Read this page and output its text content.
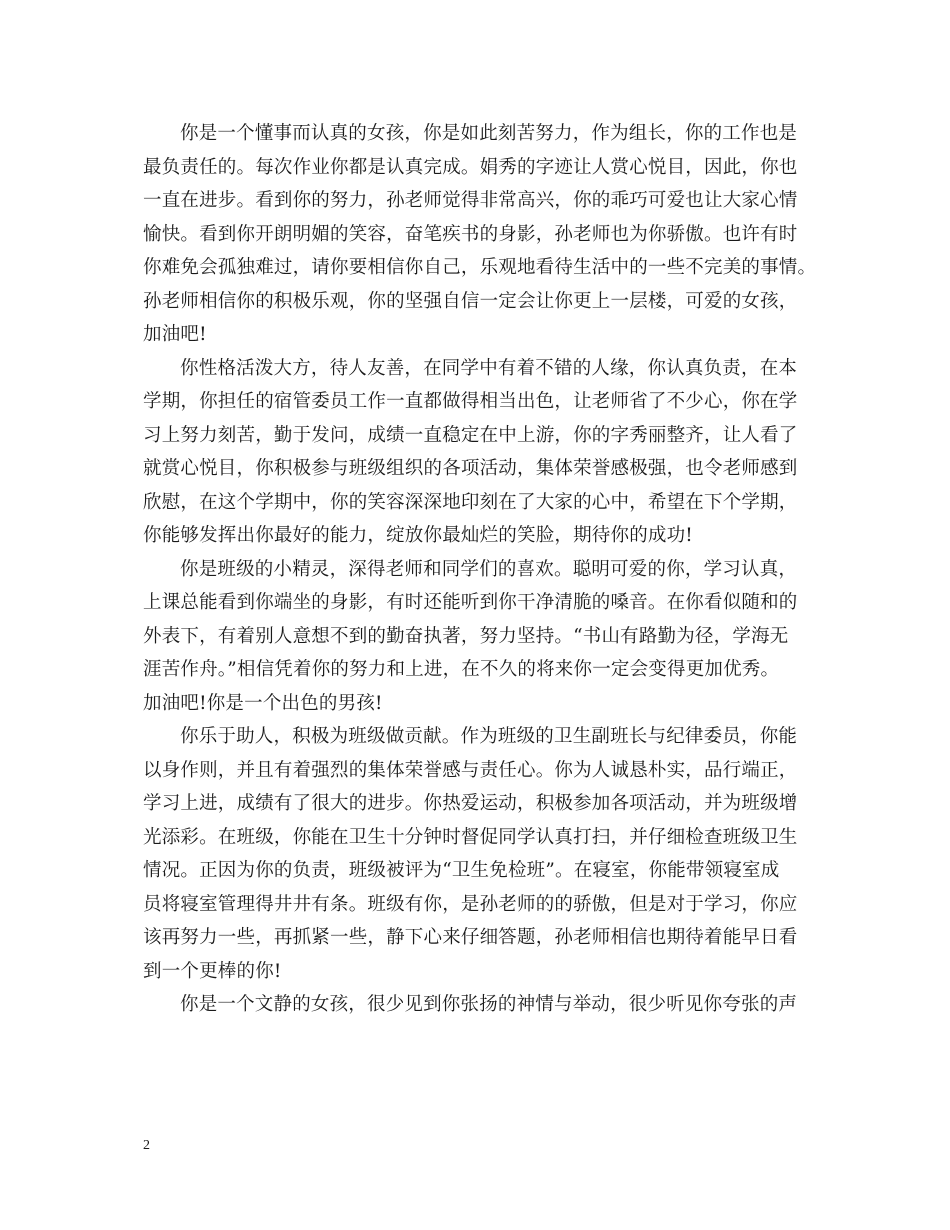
你是一个懂事而认真的女孩，你是如此刻苦努力，作为组长，你的工作也是
最负责任的。每次作业你都是认真完成。娟秀的字迹让人赏心悦目，因此，你也
一直在进步。看到你的努力，孙老师觉得非常高兴，你的乖巧可爱也让大家心情
愉快。看到你开朗明媚的笑容，奋笔疾书的身影，孙老师也为你骄傲。也许有时
你难免会孤独难过，请你要相信你自己，乐观地看待生活中的一些不完美的事情。
孙老师相信你的积极乐观，你的坚强自信一定会让你更上一层楼，可爱的女孩，
加油吧!
你性格活泼大方，待人友善，在同学中有着不错的人缘，你认真负责，在本
学期，你担任的宿管委员工作一直都做得相当出色，让老师省了不少心，你在学
习上努力刻苦，勤于发问，成绩一直稳定在中上游，你的字秀丽整齐，让人看了
就赏心悦目，你积极参与班级组织的各项活动，集体荣誉感极强，也令老师感到
欣慰，在这个学期中，你的笑容深深地印刻在了大家的心中，希望在下个学期，
你能够发挥出你最好的能力，绽放你最灿烂的笑脸，期待你的成功!
你是班级的小精灵，深得老师和同学们的喜欢。聪明可爱的你，学习认真，
上课总能看到你端坐的身影，有时还能听到你干净清脆的嗓音。在你看似随和的
外表下，有着别人意想不到的勤奋执著，努力坚持。“书山有路勤为径，学海无
涯苦作舟。”相信凭着你的努力和上进，在不久的将来你一定会变得更加优秀。
加油吧!你是一个出色的男孩!
你乐于助人，积极为班级做贡献。作为班级的卫生副班长与纪律委员，你能
以身作则，并且有着强烈的集体荣誉感与责任心。你为人诚恳朴实，品行端正，
学习上进，成绩有了很大的进步。你热爱运动，积极参加各项活动，并为班级增
光添彩。在班级，你能在卫生十分钟时督促同学认真打扫，并仔细检查班级卫生
情况。正因为你的负责，班级被评为“卫生免检班”。在寝室，你能带领寝室成
员将寝室管理得井井有条。班级有你，是孙老师的的骄傲，但是对于学习，你应
该再努力一些，再抓紧一些，静下心来仔细答题，孙老师相信也期待着能早日看
到一个更棒的你!
你是一个文静的女孩，很少见到你张扬的神情与举动，很少听见你夸张的声
2
